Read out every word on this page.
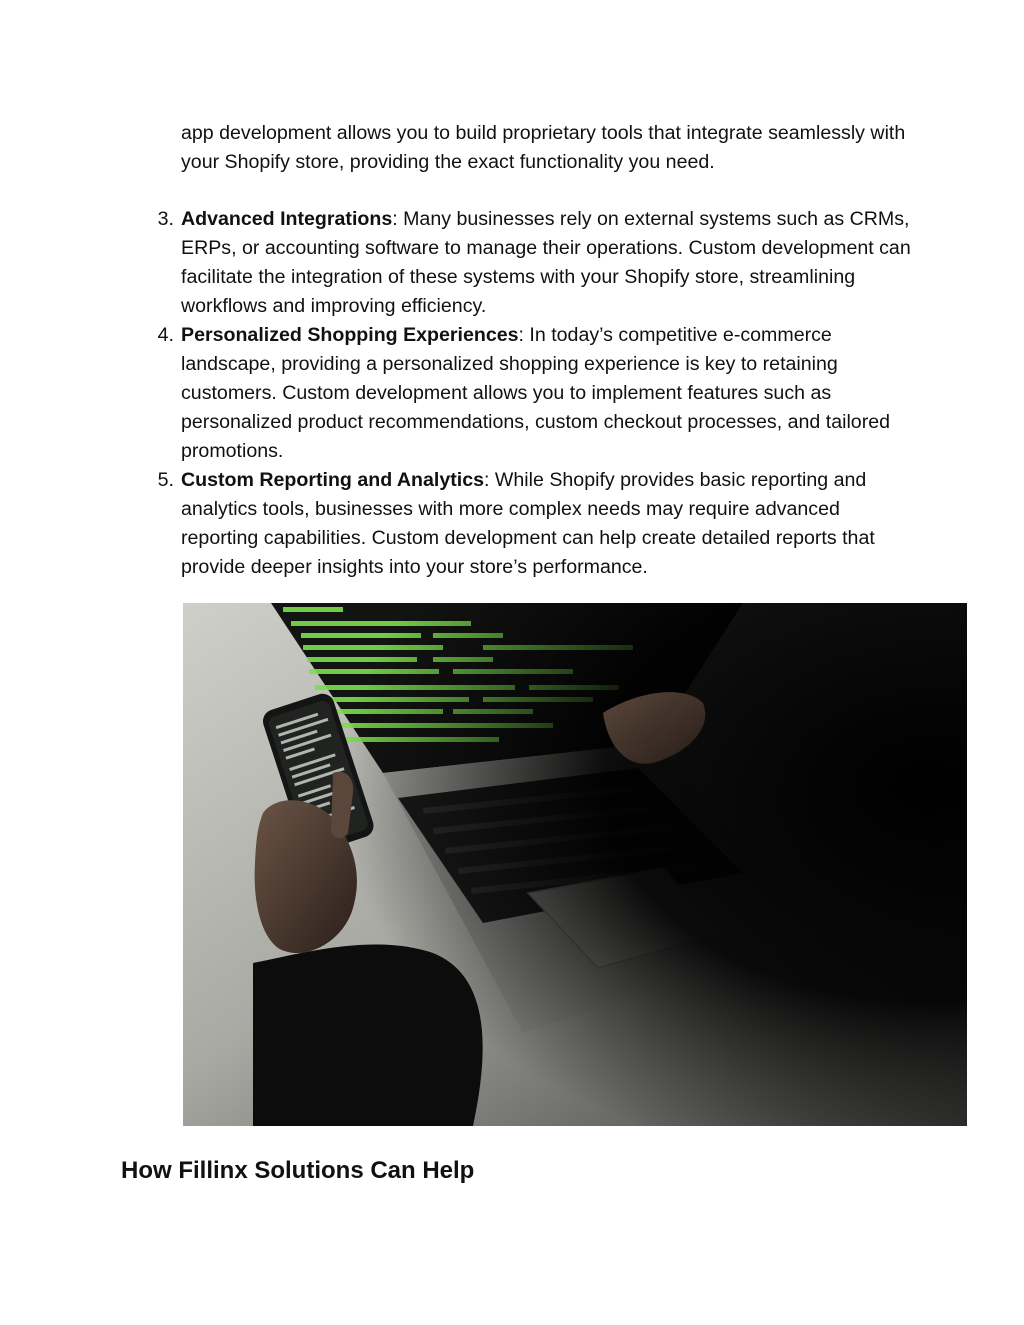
app development allows you to build proprietary tools that integrate seamlessly with your Shopify store, providing the exact functionality you need.

3. Advanced Integrations: Many businesses rely on external systems such as CRMs, ERPs, or accounting software to manage their operations. Custom development can facilitate the integration of these systems with your Shopify store, streamlining workflows and improving efficiency.
4. Personalized Shopping Experiences: In today’s competitive e-commerce landscape, providing a personalized shopping experience is key to retaining customers. Custom development allows you to implement features such as personalized product recommendations, custom checkout processes, and tailored promotions.
5. Custom Reporting and Analytics: While Shopify provides basic reporting and analytics tools, businesses with more complex needs may require advanced reporting capabilities. Custom development can help create detailed reports that provide deeper insights into your store’s performance.
How Fillinx Solutions Can Help
